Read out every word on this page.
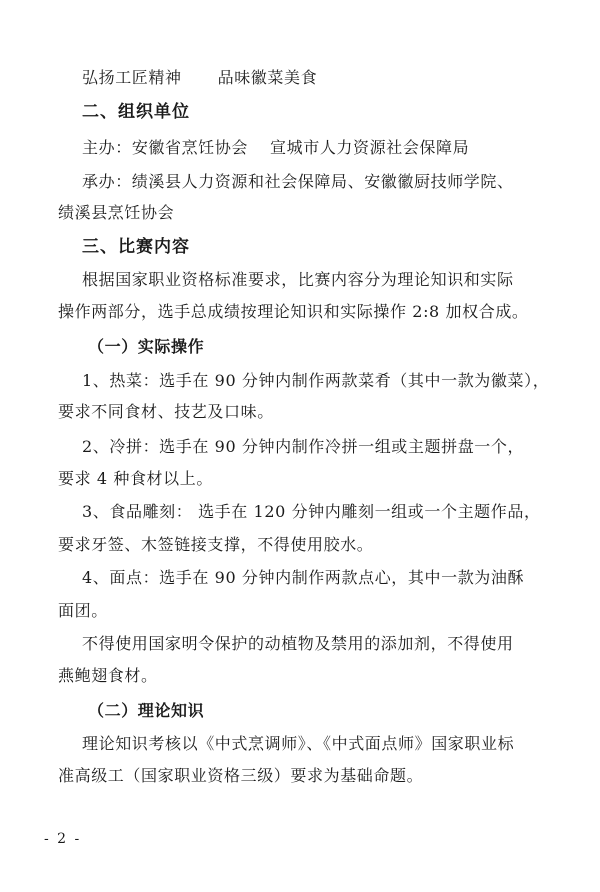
弘扬工匠精神 品味徽菜美食
二、组织单位
主办：安徽省烹饪协会 宣城市人力资源社会保障局
承办：绩溪县人力资源和社会保障局、安徽徽厨技师学院、
绩溪县烹饪协会
三、比赛内容
根据国家职业资格标准要求，比赛内容分为理论知识和实际
操作两部分，选手总成绩按理论知识和实际操作 2:8 加权合成。
（一）实际操作
1、热菜：选手在 90 分钟内制作两款菜肴（其中一款为徽菜），
要求不同食材、技艺及口味。
2、冷拼：选手在 90 分钟内制作冷拼一组或主题拼盘一个，
要求 4 种食材以上。
3、食品雕刻： 选手在 120 分钟内雕刻一组或一个主题作品，
要求牙签、木签链接支撑，不得使用胶水。
4、面点：选手在 90 分钟内制作两款点心，其中一款为油酥
面团。
不得使用国家明令保护的动植物及禁用的添加剂，不得使用
燕鲍翅食材。
（二）理论知识
理论知识考核以《中式烹调师》、《中式面点师》国家职业标
准高级工（国家职业资格三级）要求为基础命题。
- 2 -
